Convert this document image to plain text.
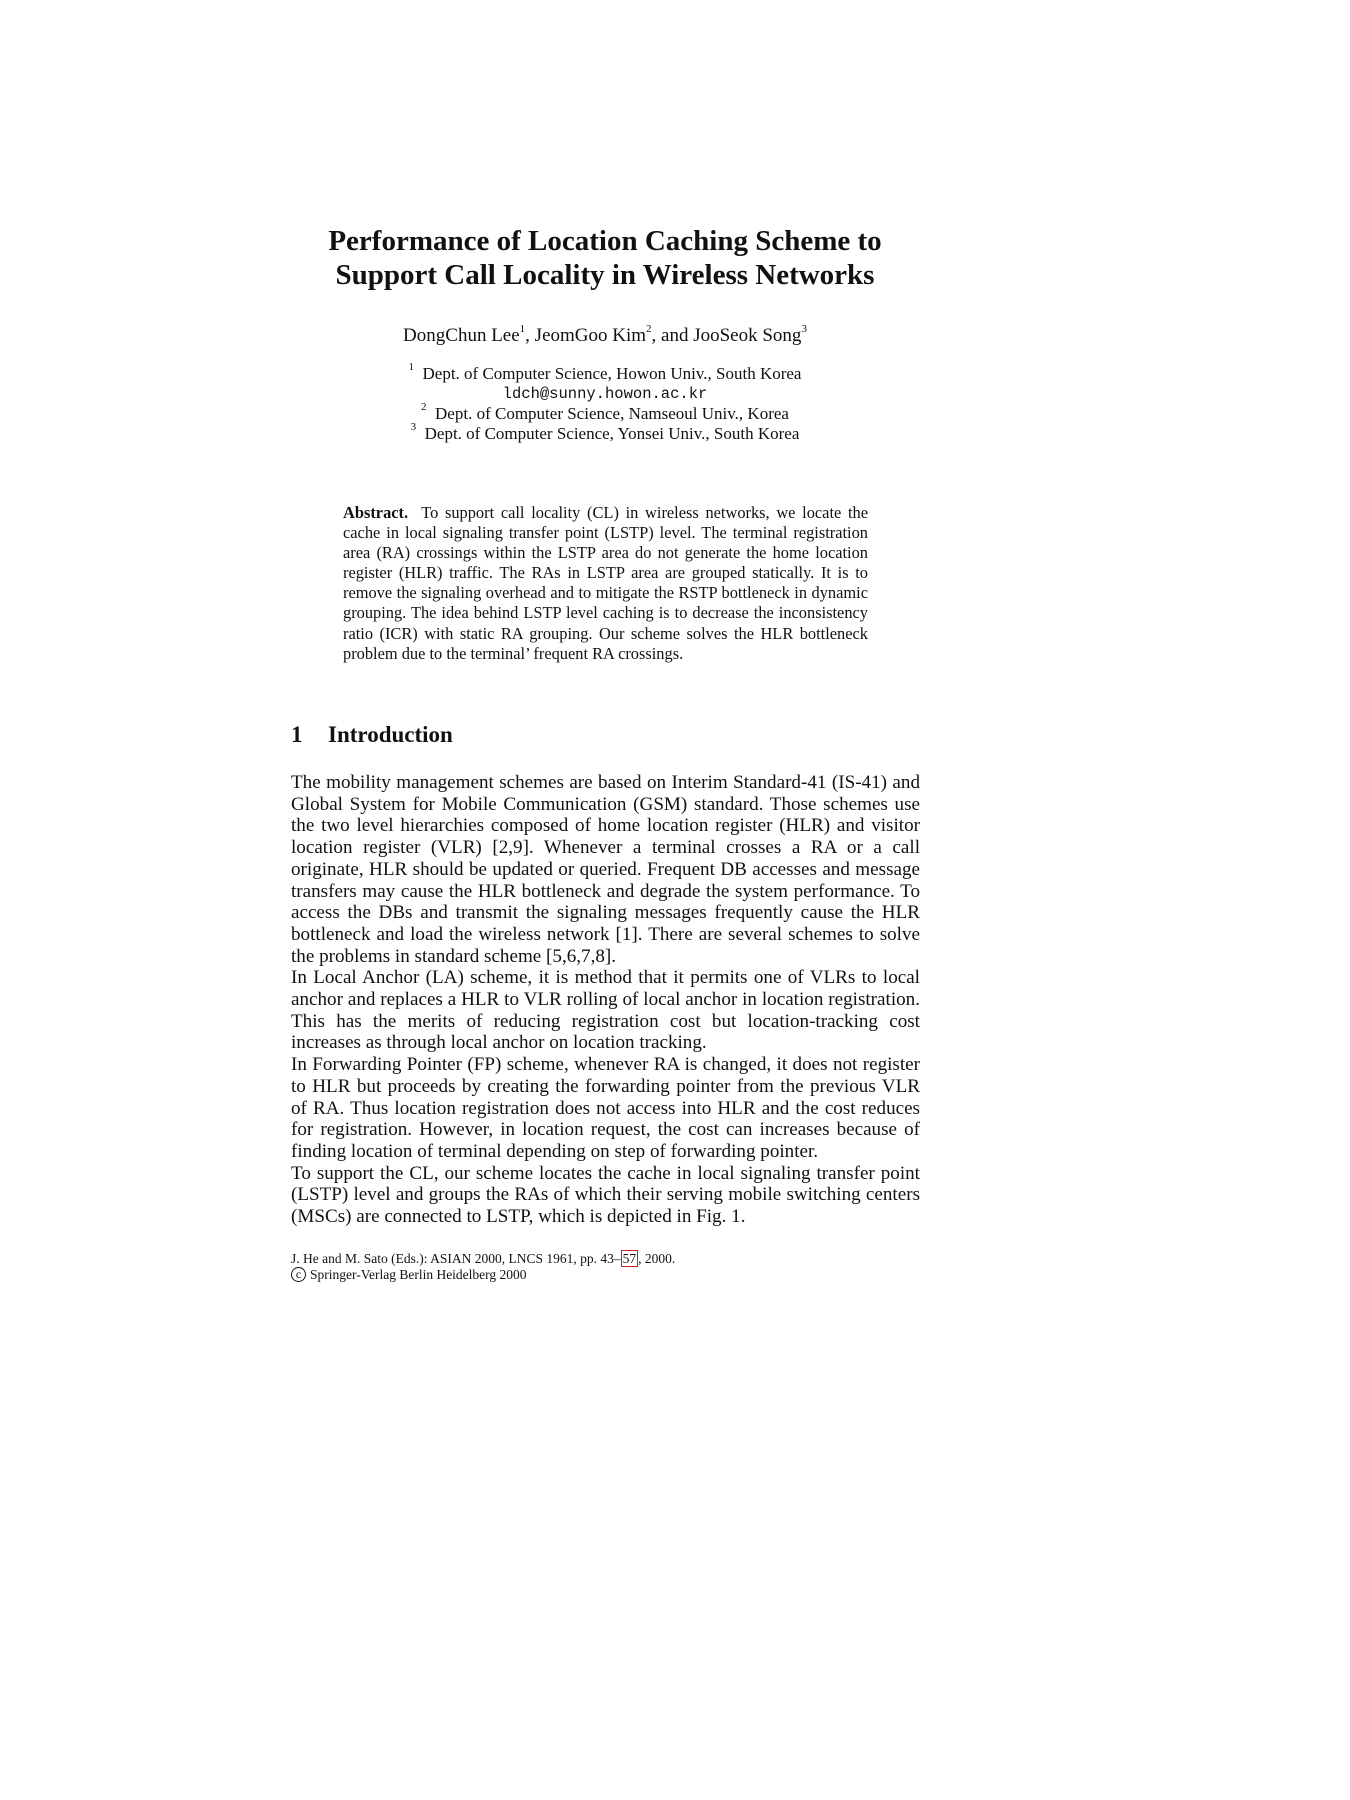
Performance of Location Caching Scheme to
Support Call Locality in Wireless Networks
DongChun Lee$^1$, JeomGoo Kim$^2$, and JooSeok Song$^3$
$^1$ Dept. of Computer Science, Howon Univ., South Korea
ldch@sunny.howon.ac.kr
$^2$ Dept. of Computer Science, Namseoul Univ., Korea
$^3$ Dept. of Computer Science, Yonsei Univ., South Korea
Abstract. To support call locality (CL) in wireless networks, we locate the cache in local signaling transfer point (LSTP) level. The terminal registration area (RA) crossings within the LSTP area do not generate the home location register (HLR) traffic. The RAs in LSTP area are grouped statically. It is to remove the signaling overhead and to mitigate the RSTP bottleneck in dynamic grouping. The idea behind LSTP level caching is to decrease the inconsistency ratio (ICR) with static RA grouping. Our scheme solves the HLR bottleneck problem due to the terminal’ frequent RA crossings.
1 Introduction

The mobility management schemes are based on Interim Standard-41 (IS-41) and Global System for Mobile Communication (GSM) standard. Those schemes use the two level hierarchies composed of home location register (HLR) and visitor location register (VLR) [2,9]. Whenever a terminal crosses a RA or a call originate, HLR should be updated or queried. Frequent DB accesses and message transfers may cause the HLR bottleneck and degrade the system performance. To access the DBs and transmit the signaling messages frequently cause the HLR bottleneck and load the wireless network [1]. There are several schemes to solve the problems in standard scheme [5,6,7,8].

In Local Anchor (LA) scheme, it is method that it permits one of VLRs to local anchor and replaces a HLR to VLR rolling of local anchor in location registration. This has the merits of reducing registration cost but location-tracking cost increases as through local anchor on location tracking.

In Forwarding Pointer (FP) scheme, whenever RA is changed, it does not register to HLR but proceeds by creating the forwarding pointer from the previous VLR of RA. Thus location registration does not access into HLR and the cost reduces for registration. However, in location request, the cost can increases because of finding location of terminal depending on step of forwarding pointer.

To support the CL, our scheme locates the cache in local signaling transfer point (LSTP) level and groups the RAs of which their serving mobile switching centers (MSCs) are connected to LSTP, which is depicted in Fig. 1.

J. He and M. Sato (Eds.): ASIAN 2000, LNCS 1961, pp. 43– 57 , 2000.
c Springer-Verlag Berlin Heidelberg 2000
